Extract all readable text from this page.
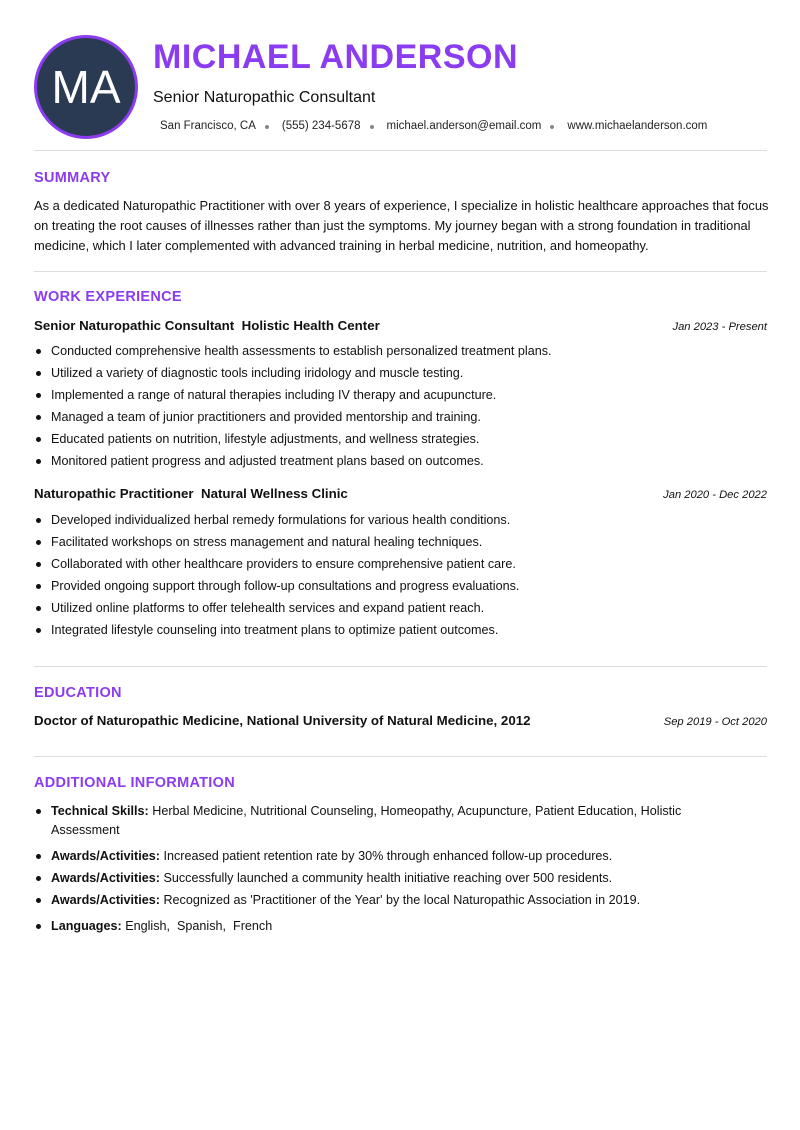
MA
MICHAEL ANDERSON
Senior Naturopathic Consultant
San Francisco, CA (555) 234-5678 michael.anderson@email.com www.michaelanderson.com
SUMMARY

As a dedicated Naturopathic Practitioner with over 8 years of experience, I specialize in holistic healthcare approaches that focus on treating the root causes of illnesses rather than just the symptoms. My journey began with a strong foundation in traditional medicine, which I later complemented with advanced training in herbal medicine, nutrition, and homeopathy.

WORK EXPERIENCE
Senior Naturopathic Consultant Holistic Health Center	Jan 2023 - Present
Conducted comprehensive health assessments to establish personalized treatment plans.
Utilized a variety of diagnostic tools including iridology and muscle testing.
Implemented a range of natural therapies including IV therapy and acupuncture.
Managed a team of junior practitioners and provided mentorship and training.
Educated patients on nutrition, lifestyle adjustments, and wellness strategies.
Monitored patient progress and adjusted treatment plans based on outcomes.
Naturopathic Practitioner Natural Wellness Clinic	Jan 2020 - Dec 2022
Developed individualized herbal remedy formulations for various health conditions.
Facilitated workshops on stress management and natural healing techniques.
Collaborated with other healthcare providers to ensure comprehensive patient care.
Provided ongoing support through follow-up consultations and progress evaluations.
Utilized online platforms to offer telehealth services and expand patient reach.
Integrated lifestyle counseling into treatment plans to optimize patient outcomes.
EDUCATION
Doctor of Naturopathic Medicine, National University of Natural Medicine, 2012	Sep 2019 - Oct 2020
ADDITIONAL INFORMATION
Technical Skills: Herbal Medicine, Nutritional Counseling, Homeopathy, Acupuncture, Patient Education, Holistic Assessment
Awards/Activities: Increased patient retention rate by 30% through enhanced follow-up procedures.
Awards/Activities: Successfully launched a community health initiative reaching over 500 residents.
Awards/Activities: Recognized as 'Practitioner of the Year' by the local Naturopathic Association in 2019.
Languages: English,  Spanish,  French
